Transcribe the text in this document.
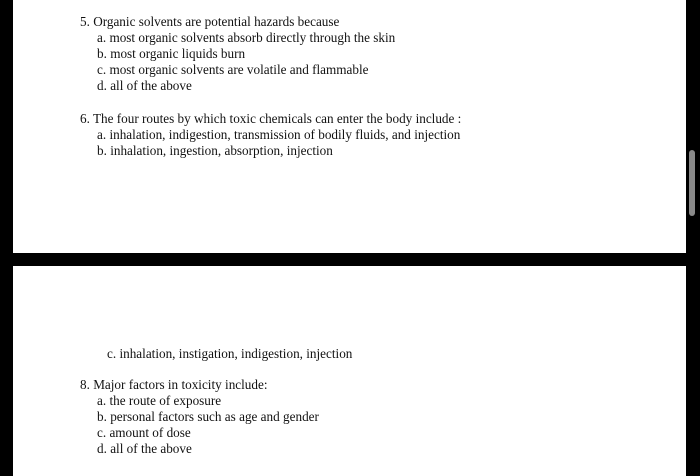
5. Organic solvents are potential hazards because
a. most organic solvents absorb directly through the skin
b. most organic liquids burn
c. most organic solvents are volatile and flammable
d. all of the above
6. The four routes by which toxic chemicals can enter the body include :
a. inhalation, indigestion, transmission of bodily fluids, and injection
b. inhalation, ingestion, absorption, injection
c. inhalation, instigation, indigestion, injection
8. Major factors in toxicity include:
a. the route of exposure
b. personal factors such as age and gender
c. amount of dose
d. all of the above
